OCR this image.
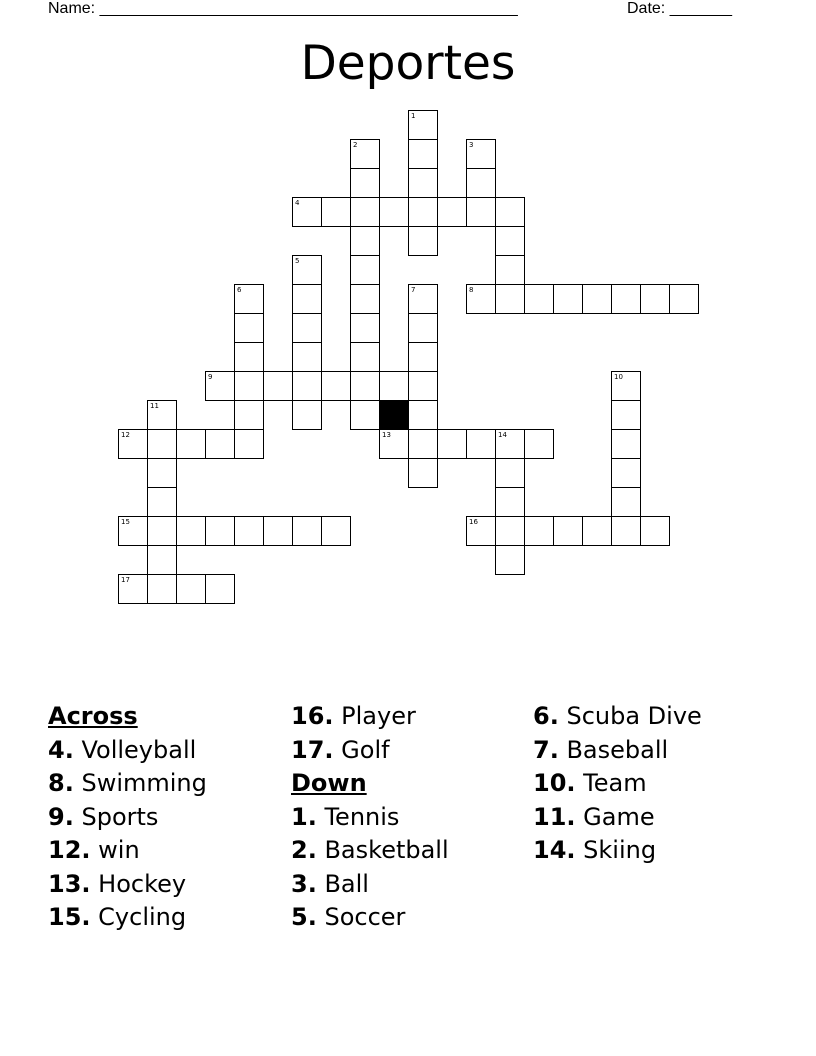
Name: _______________________________________________	Date: _______
Deportes
1
2	3
4
5
6	7	8
9	10
11
12	13	14
15	16
17
Across
4. Volleyball
8. Swimming
9. Sports
12. win
13. Hockey
15. Cycling
16. Player
17. Golf
Down
1. Tennis
2. Basketball
3. Ball
5. Soccer
6. Scuba Dive
7. Baseball
10. Team
11. Game
14. Skiing
